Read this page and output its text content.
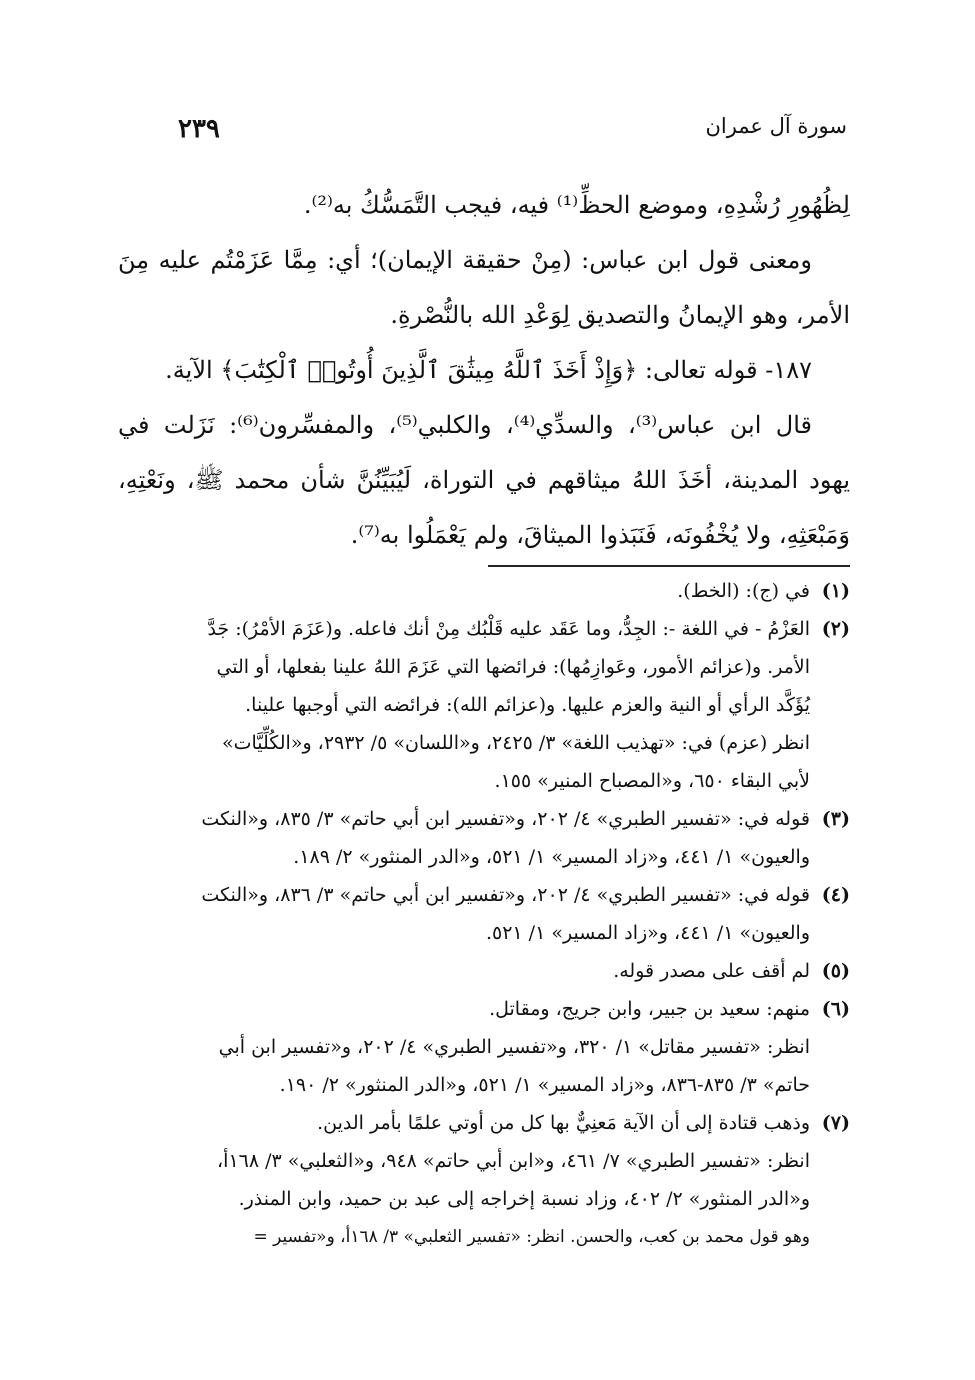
سورة آل عمران
٢٣٩

لِظُهُورِ رُشْدِهِ، وموضع الحظِّ⁽¹⁾ فيه، فيجب التَّمَسُّكُ به⁽²⁾.

ومعنى قول ابن عباس: (مِنْ حقيقة الإيمان)؛ أي: مِمَّا عَزَمْتُم عليه مِنَ الأمر، وهو الإيمانُ والتصديق لِوَعْدِ الله بالنُّصْرةِ.

١٨٧- قوله تعالى: ﴿وَإِذْ أَخَذَ ٱللَّهُ مِيثَٰقَ ٱلَّذِينَ أُوتُوا۟ ٱلْكِتَٰبَ﴾ الآية.

قال ابن عباس⁽³⁾، والسدِّي⁽⁴⁾، والكلبي⁽⁵⁾، والمفسِّرون⁽⁶⁾: نَزَلت في يهود المدينة، أخَذَ اللهُ ميثاقهم في التوراة، لَيُبَيِّنُنَّ شأن محمد ﷺ، ونَعْتِهِ، وَمَبْعَثِهِ، ولا يُخْفُونَه، فَنَبَذوا الميثاقَ، ولم يَعْمَلُوا به⁽⁷⁾.

(١)
في (ج): (الخط).
(٢)
العَزْمُ - في اللغة -: الجِدُّ، وما عَقَد عليه قَلْبُك مِنْ أنك فاعله. و(عَزَمَ الأمْرُ): جَدَّ
الأمر. و(عزائم الأمور، وعَوازِمُها): فرائضها التي عَزَمَ اللهُ علينا بفعلها، أو التي
يُؤَكَّد الرأي أو النية والعزم عليها. و(عزائم الله): فرائضه التي أوجبها علينا.
انظر (عزم) في: «تهذيب اللغة» ٣/ ٢٤٢٥، و«اللسان» ٥/ ٢٩٣٢، و«الكُلِّيَّات»
لأبي البقاء ٦٥٠، و«المصباح المنير» ١٥٥.
(٣)
قوله في: «تفسير الطبري» ٤/ ٢٠٢، و«تفسير ابن أبي حاتم» ٣/ ٨٣٥، و«النكت
والعيون» ١/ ٤٤١، و«زاد المسير» ١/ ٥٢١، و«الدر المنثور» ٢/ ١٨٩.
(٤)
قوله في: «تفسير الطبري» ٤/ ٢٠٢، و«تفسير ابن أبي حاتم» ٣/ ٨٣٦، و«النكت
والعيون» ١/ ٤٤١، و«زاد المسير» ١/ ٥٢١.
(٥)
لم أقف على مصدر قوله.
(٦)
منهم: سعيد بن جبير، وابن جريج، ومقاتل.
انظر: «تفسير مقاتل» ١/ ٣٢٠، و«تفسير الطبري» ٤/ ٢٠٢، و«تفسير ابن أبي
حاتم» ٣/ ٨٣٥-٨٣٦، و«زاد المسير» ١/ ٥٢١، و«الدر المنثور» ٢/ ١٩٠.
(٧)
وذهب قتادة إلى أن الآية مَعنِيٌّ بها كل من أوتي علمًا بأمر الدين.
انظر: «تفسير الطبري» ٧/ ٤٦١، و«ابن أبي حاتم» ٩٤٨، و«الثعلبي» ٣/ ١٦٨أ،
و«الدر المنثور» ٢/ ٤٠٢، وزاد نسبة إخراجه إلى عبد بن حميد، وابن المنذر.
وهو قول محمد بن كعب، والحسن. انظر: «تفسير الثعلبي» ٣/ ١٦٨أ، و«تفسير =
